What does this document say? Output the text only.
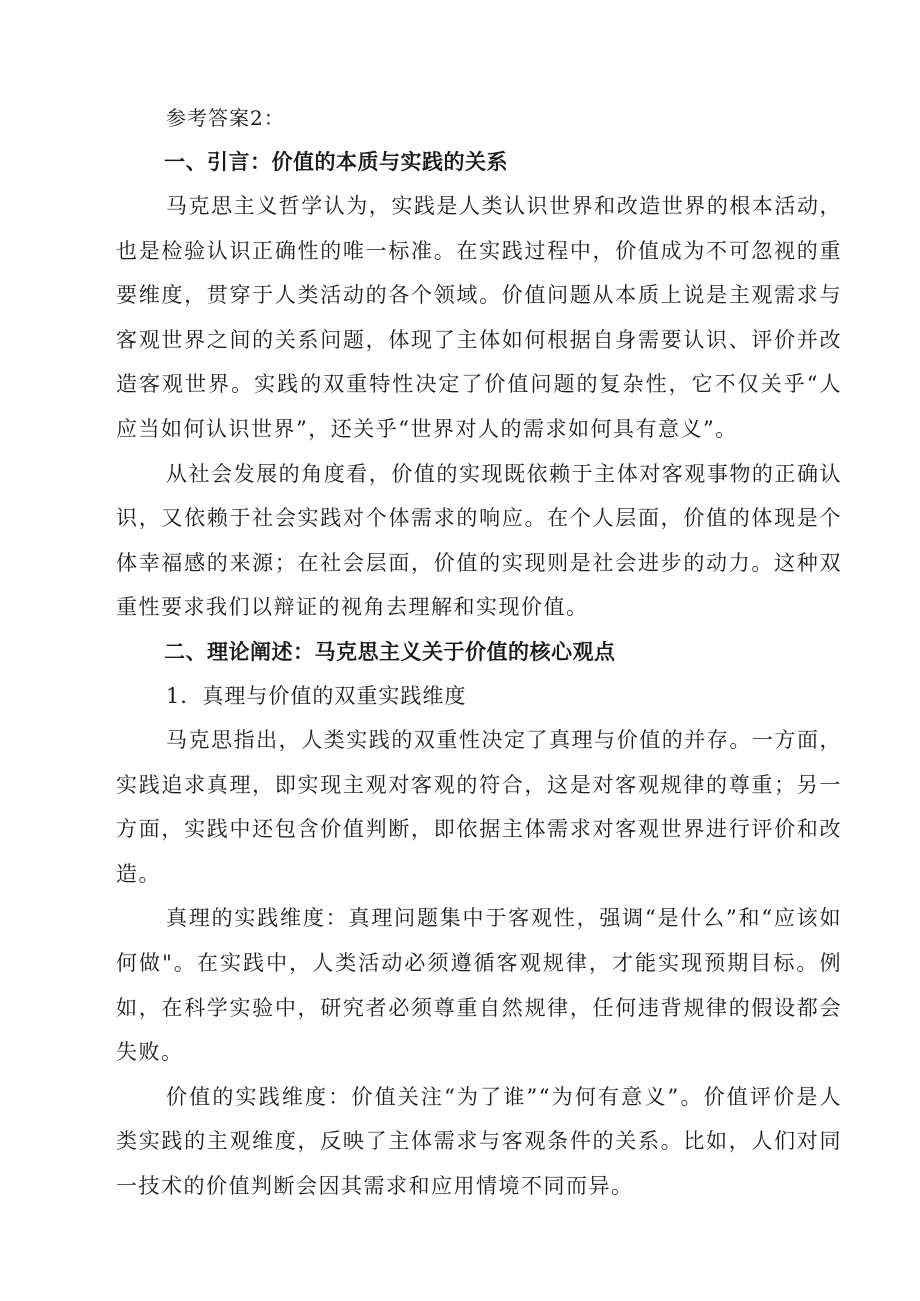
参考答案2：

一、引言：价值的本质与实践的关系

马克思主义哲学认为，实践是人类认识世界和改造世界的根本活动，也是检验认识正确性的唯一标准。在实践过程中，价值成为不可忽视的重要维度，贯穿于人类活动的各个领域。价值问题从本质上说是主观需求与客观世界之间的关系问题，体现了主体如何根据自身需要认识、评价并改造客观世界。实践的双重特性决定了价值问题的复杂性，它不仅关乎“人应当如何认识世界”，还关乎“世界对人的需求如何具有意义”。

从社会发展的角度看，价值的实现既依赖于主体对客观事物的正确认识，又依赖于社会实践对个体需求的响应。在个人层面，价值的体现是个体幸福感的来源；在社会层面，价值的实现则是社会进步的动力。这种双重性要求我们以辩证的视角去理解和实现价值。

二、理论阐述：马克思主义关于价值的核心观点

1．真理与价值的双重实践维度

马克思指出，人类实践的双重性决定了真理与价值的并存。一方面，实践追求真理，即实现主观对客观的符合，这是对客观规律的尊重；另一方面，实践中还包含价值判断，即依据主体需求对客观世界进行评价和改造。

真理的实践维度：真理问题集中于客观性，强调“是什么”和“应该如何做"。在实践中，人类活动必须遵循客观规律，才能实现预期目标。例如，在科学实验中，研究者必须尊重自然规律，任何违背规律的假设都会失败。

价值的实践维度：价值关注“为了谁”“为何有意义”。价值评价是人类实践的主观维度，反映了主体需求与客观条件的关系。比如，人们对同一技术的价值判断会因其需求和应用情境不同而异。
